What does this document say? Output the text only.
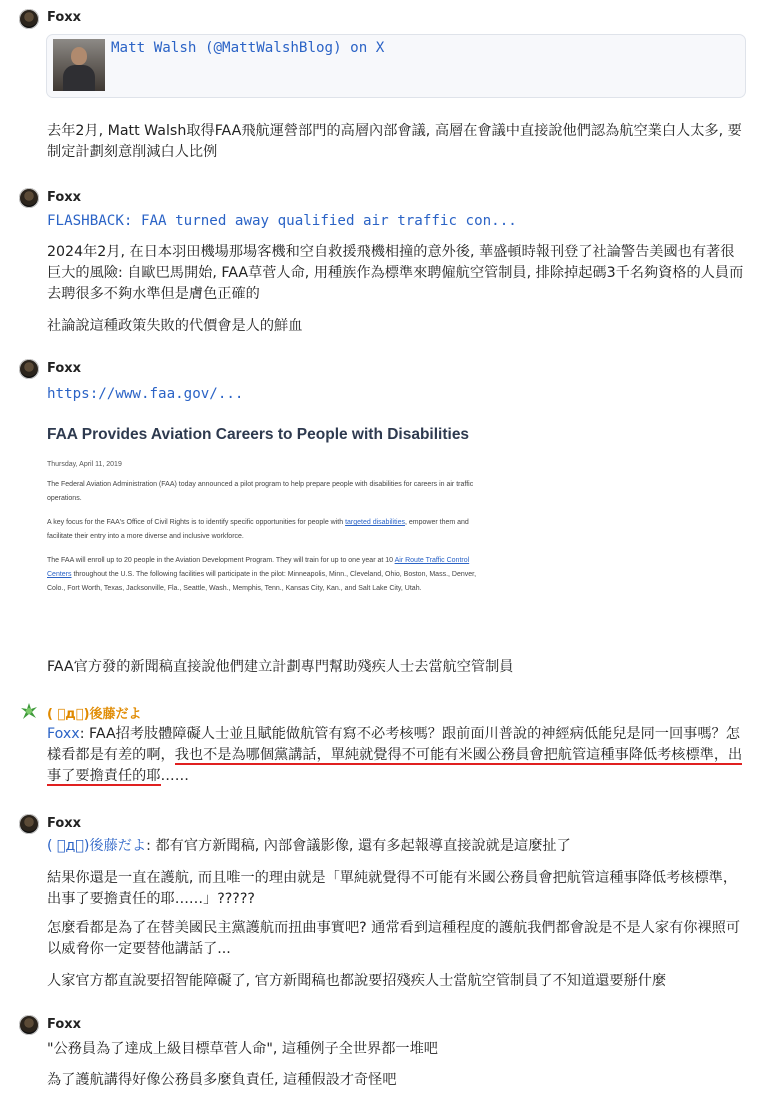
Foxx
Matt Walsh (@MattWalshBlog) on X
去年2月, Matt Walsh取得FAA飛航運營部門的高層內部會議, 高層在會議中直接說他們認為航空業白人太多, 要制定計劃刻意削減白人比例
Foxx
FLASHBACK: FAA turned away qualified air traffic con...
2024年2月, 在日本羽田機場那場客機和空自救援飛機相撞的意外後, 華盛頓時報刊登了社論警告美國也有著很巨大的風險: 自歐巴馬開始, FAA草菅人命, 用種族作為標準來聘僱航空管制員, 排除掉起碼3千名夠資格的人員而去聘很多不夠水準但是膚色正確的
社論說這種政策失敗的代價會是人的鮮血
Foxx
https://www.faa.gov/...
FAA Provides Aviation Careers to People with Disabilities
Thursday, April 11, 2019

The Federal Aviation Administration (FAA) today announced a pilot program to help prepare people with disabilities for careers in air traffic operations.

A key focus for the FAA's Office of Civil Rights is to identify specific opportunities for people with targeted disabilities, empower them and facilitate their entry into a more diverse and inclusive workforce.

The FAA will enroll up to 20 people in the Aviation Development Program. They will train for up to one year at 10 Air Route Traffic Control Centers throughout the U.S. The following facilities will participate in the pilot: Minneapolis, Minn., Cleveland, Ohio, Boston, Mass., Denver, Colo., Fort Worth, Texas, Jacksonville, Fla., Seattle, Wash., Memphis, Tenn., Kansas City, Kan., and Salt Lake City, Utah.

FAA官方發的新聞稿直接說他們建立計劃專門幫助殘疾人士去當航空管制員
( ゚д゚)後藤だよ
Foxx: FAA招考肢體障礙人士並且賦能做航管有寫不必考核嗎？跟前面川普說的神經病低能兒是同一回事嗎？怎樣看都是有差的啊，我也不是為哪個黨講話，單純就覺得不可能有米國公務員會把航管這種事降低考核標準，出事了要擔責任的耶……
Foxx
( ゚д゚)後藤だよ: 都有官方新聞稿, 內部會議影像, 還有多起報導直接說就是這麼扯了
結果你還是一直在護航, 而且唯一的理由就是「單純就覺得不可能有米國公務員會把航管這種事降低考核標準，出事了要擔責任的耶……」?????
怎麼看都是為了在替美國民主黨護航而扭曲事實吧? 通常看到這種程度的護航我們都會說是不是人家有你裸照可以威脅你一定要替他講話了...
人家官方都直說要招智能障礙了, 官方新聞稿也都說要招殘疾人士當航空管制員了不知道還要掰什麼
Foxx
"公務員為了達成上級目標草菅人命", 這種例子全世界都一堆吧
為了護航講得好像公務員多麼負責任, 這種假設才奇怪吧
